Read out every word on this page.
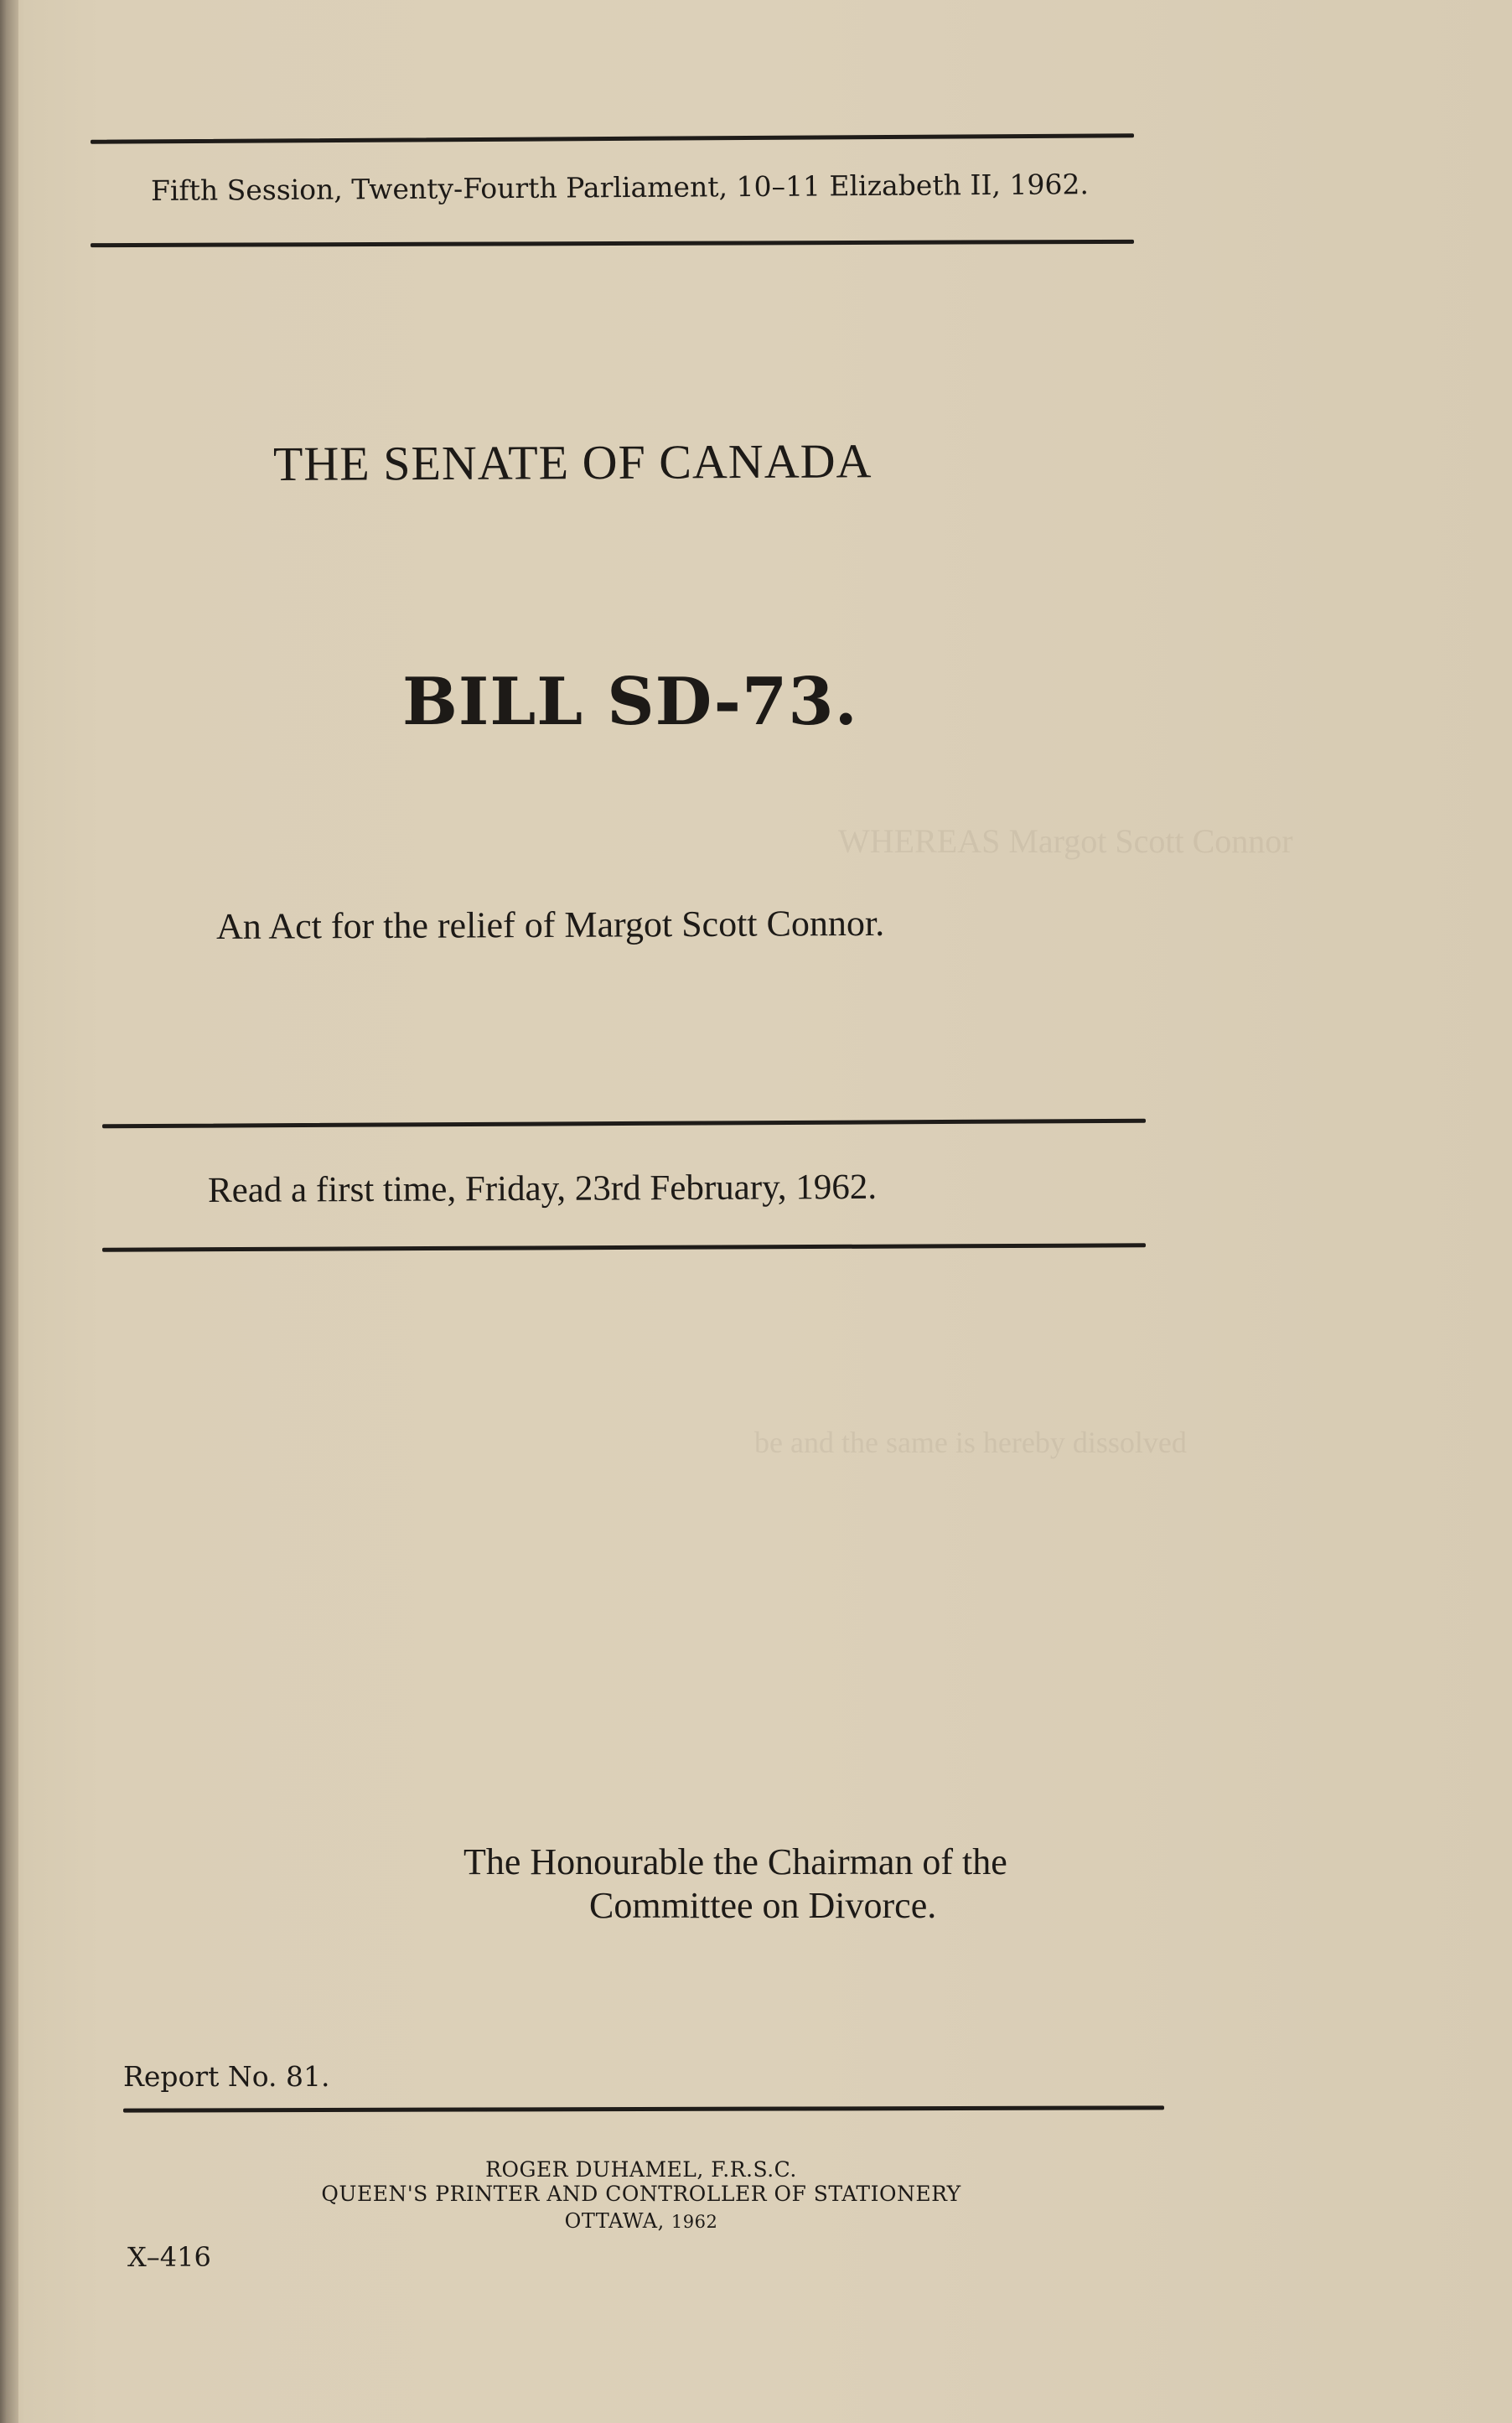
WHEREAS Margot Scott Connor
be and the same is hereby dissolved
Fifth Session, Twenty-Fourth Parliament, 10–11 Elizabeth II, 1962.
THE SENATE OF CANADA
BILL SD-73.
An Act for the relief of Margot Scott Connor.
Read a first time, Friday, 23rd February, 1962.
The Honourable the Chairman of the
Committee on Divorce.
Report No. 81.
ROGER DUHAMEL, F.R.S.C.
QUEEN'S PRINTER AND CONTROLLER OF STATIONERY
OTTAWA, 1962
X–416
